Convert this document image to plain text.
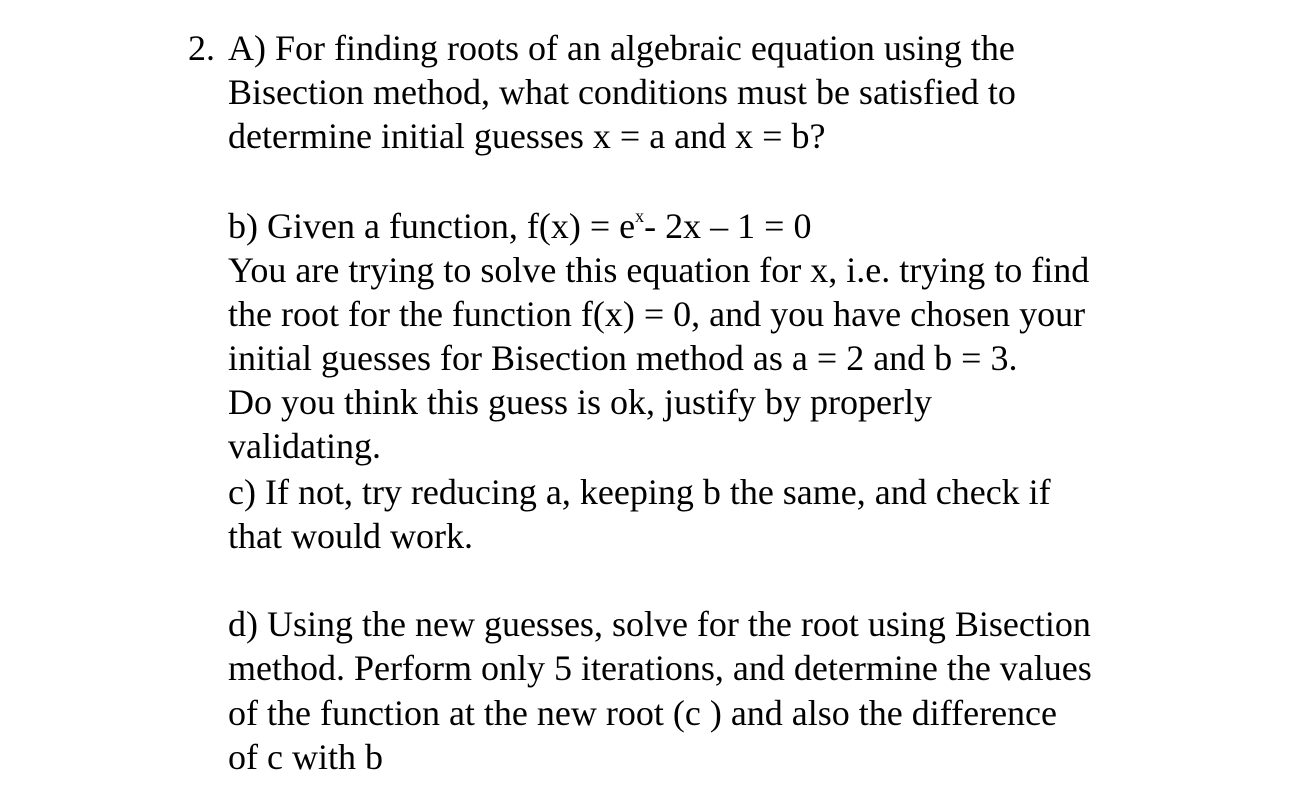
2. A) For finding roots of an algebraic equation using the

Bisection method, what conditions must be satisfied to

determine initial guesses x = a and x = b?

b) Given a function, $f(x) = e^x-$ 2x – 1 = 0

You are trying to solve this equation for x, i.e. trying to find

the root for the function f(x) = 0, and you have chosen your

initial guesses for Bisection method as a = 2 and b = 3.

Do you think this guess is ok, justify by properly

validating.

c) If not, try reducing a, keeping b the same, and check if

that would work.

d) Using the new guesses, solve for the root using Bisection

method. Perform only 5 iterations, and determine the values

of the function at the new root (c ) and also the difference

of c with b
